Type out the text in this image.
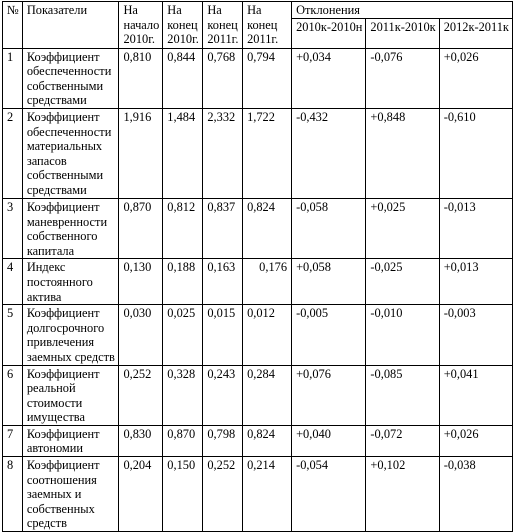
№	Показатели	На начало 2010г.	На конец 2010г.	На конец 2011г.	На конец 2011г.	Отклонения		
						2010к-2010н	2011к-2010к	2012к-2011к
1	Коэффициент обеспеченности собственными средствами	0,810	0,844	0,768	0,794	+0,034	-0,076	+0,026
2	Коэффициент обеспеченности материальных запасов собственными средствами	1,916	1,484	2,332	1,722	-0,432	+0,848	-0,610
3	Коэффициент маневренности собственного капитала	0,870	0,812	0,837	0,824	-0,058	+0,025	-0,013
4	Индекс постоянного актива	0,130	0,188	0,163	0,176	+0,058	-0,025	+0,013
5	Коэффициент долгосрочного привлечения заемных средств	0,030	0,025	0,015	0,012	-0,005	-0,010	-0,003
6	Коэффициент реальной стоимости имущества	0,252	0,328	0,243	0,284	+0,076	-0,085	+0,041
7	Коэффициент автономии	0,830	0,870	0,798	0,824	+0,040	-0,072	+0,026
8	Коэффициент соотношения заемных и собственных средств	0,204	0,150	0,252	0,214	-0,054	+0,102	-0,038
